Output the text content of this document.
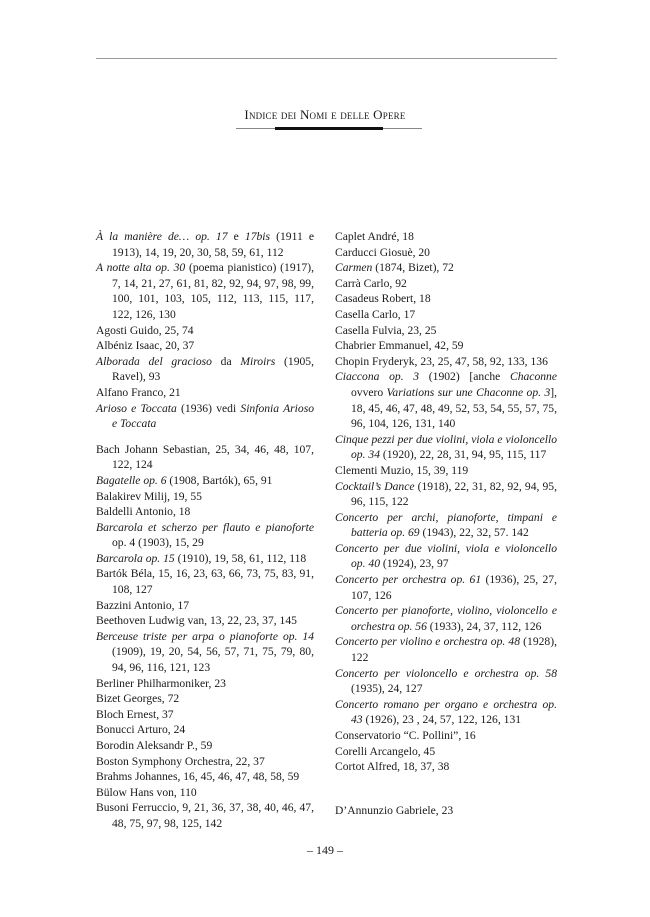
Indice dei Nomi e delle Opere
À la manière de… op. 17 e 17bis (1911 e 1913), 14, 19, 20, 30, 58, 59, 61, 112
A notte alta op. 30 (poema pianistico) (1917), 7, 14, 21, 27, 61, 81, 82, 92, 94, 97, 98, 99, 100, 101, 103, 105, 112, 113, 115, 117, 122, 126, 130
Agosti Guido, 25, 74
Albéniz Isaac, 20, 37
Alborada del gracioso da Miroirs (1905, Ravel), 93
Alfano Franco, 21
Arioso e Toccata (1936) vedi Sinfonia Arioso e Toccata
Bach Johann Sebastian, 25, 34, 46, 48, 107, 122, 124
Bagatelle op. 6 (1908, Bartók), 65, 91
Balakirev Milij, 19, 55
Baldelli Antonio, 18
Barcarola et scherzo per flauto e pianoforte op. 4 (1903), 15, 29
Barcarola op. 15 (1910), 19, 58, 61, 112, 118
Bartók Béla, 15, 16, 23, 63, 66, 73, 75, 83, 91, 108, 127
Bazzini Antonio, 17
Beethoven Ludwig van, 13, 22, 23, 37, 145
Berceuse triste per arpa o pianoforte op. 14 (1909), 19, 20, 54, 56, 57, 71, 75, 79, 80, 94, 96, 116, 121, 123
Berliner Philharmoniker, 23
Bizet Georges, 72
Bloch Ernest, 37
Bonucci Arturo, 24
Borodin Aleksandr P., 59
Boston Symphony Orchestra, 22, 37
Brahms Johannes, 16, 45, 46, 47, 48, 58, 59
Bülow Hans von, 110
Busoni Ferruccio, 9, 21, 36, 37, 38, 40, 46, 47, 48, 75, 97, 98, 125, 142
Caplet André, 18
Carducci Giosuè, 20
Carmen (1874, Bizet), 72
Carrà Carlo, 92
Casadeus Robert, 18
Casella Carlo, 17
Casella Fulvia, 23, 25
Chabrier Emmanuel, 42, 59
Chopin Fryderyk, 23, 25, 47, 58, 92, 133, 136
Ciaccona op. 3 (1902) [anche Chaconne ovvero Variations sur une Chaconne op. 3], 18, 45, 46, 47, 48, 49, 52, 53, 54, 55, 57, 75, 96, 104, 126, 131, 140
Cinque pezzi per due violini, viola e violoncello op. 34 (1920), 22, 28, 31, 94, 95, 115, 117
Clementi Muzio, 15, 39, 119
Cocktail’s Dance (1918), 22, 31, 82, 92, 94, 95, 96, 115, 122
Concerto per archi, pianoforte, timpani e batteria op. 69 (1943), 22, 32, 57. 142
Concerto per due violini, viola e violoncello op. 40 (1924), 23, 97
Concerto per orchestra op. 61 (1936), 25, 27, 107, 126
Concerto per pianoforte, violino, violoncello e orchestra op. 56 (1933), 24, 37, 112, 126
Concerto per violino e orchestra op. 48 (1928), 122
Concerto per violoncello e orchestra op. 58 (1935), 24, 127
Concerto romano per organo e orchestra op. 43 (1926), 23 , 24, 57, 122, 126, 131
Conservatorio “C. Pollini”, 16
Corelli Arcangelo, 45
Cortot Alfred, 18, 37, 38
D’Annunzio Gabriele, 23
– 149 –
